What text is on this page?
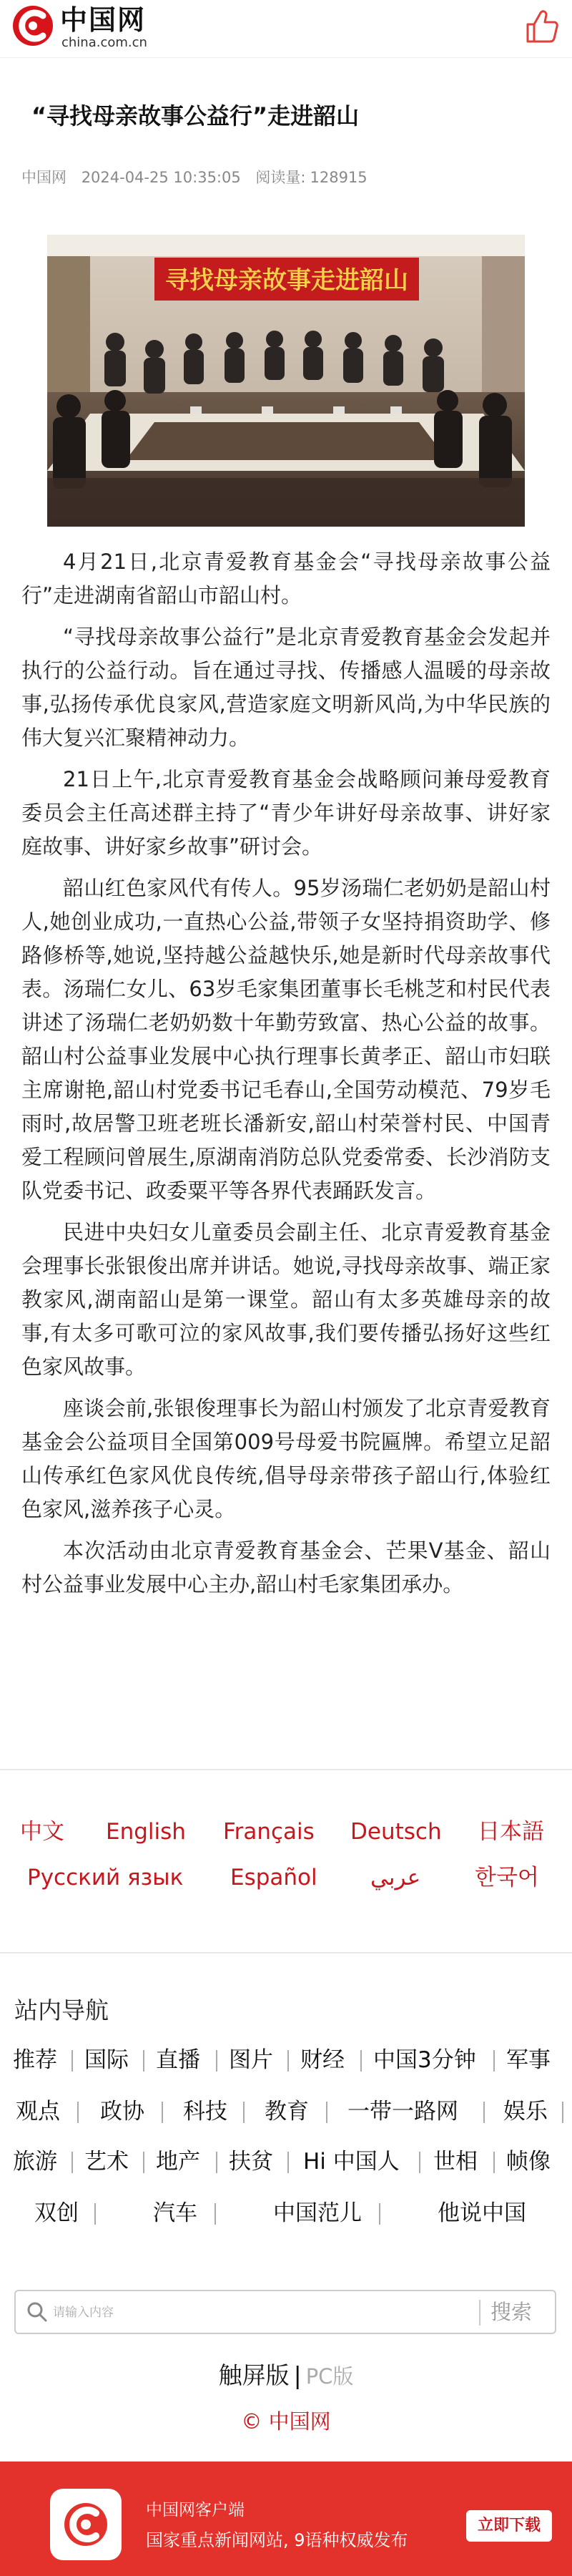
中国网
china.com.cn
“寻找母亲故事公益行”走进韶山
中国网 2024-04-25 10:35:05 阅读量: 128915
寻找母亲故事走进韶山

4月21日,北京青爱教育基金会“寻找母亲故事公益行”走进湖南省韶山市韶山村。

“寻找母亲故事公益行”是北京青爱教育基金会发起并执行的公益行动。旨在通过寻找、传播感人温暖的母亲故事,弘扬传承优良家风,营造家庭文明新风尚,为中华民族的伟大复兴汇聚精神动力。

21日上午,北京青爱教育基金会战略顾问兼母爱教育委员会主任高述群主持了“青少年讲好母亲故事、讲好家庭故事、讲好家乡故事”研讨会。

韶山红色家风代有传人。95岁汤瑞仁老奶奶是韶山村人,她创业成功,一直热心公益,带领子女坚持捐资助学、修路修桥等,她说,坚持越公益越快乐,她是新时代母亲故事代表。汤瑞仁女儿、63岁毛家集团董事长毛桃芝和村民代表讲述了汤瑞仁老奶奶数十年勤劳致富、热心公益的故事。韶山村公益事业发展中心执行理事长黄孝正、韶山市妇联主席谢艳,韶山村党委书记毛春山,全国劳动模范、79岁毛雨时,故居警卫班老班长潘新安,韶山村荣誉村民、中国青爱工程顾问曾展生,原湖南消防总队党委常委、长沙消防支队党委书记、政委粟平等各界代表踊跃发言。

民进中央妇女儿童委员会副主任、北京青爱教育基金会理事长张银俊出席并讲话。她说,寻找母亲故事、端正家教家风,湖南韶山是第一课堂。韶山有太多英雄母亲的故事,有太多可歌可泣的家风故事,我们要传播弘扬好这些红色家风故事。

座谈会前,张银俊理事长为韶山村颁发了北京青爱教育基金会公益项目全国第009号母爱书院匾牌。希望立足韶山传承红色家风优良传统,倡导母亲带孩子韶山行,体验红色家风,滋养孩子心灵。

本次活动由北京青爱教育基金会、芒果V基金、韶山村公益事业发展中心主办,韶山村毛家集团承办。

中文 English Français Deutsch 日本語
Русский язык Español عربي 한국어
站内导航
推荐 国际 直播 图片 财经 中国3分钟 军事
观点 政协 科技 教育 一带一路网 娱乐
旅游 艺术 地产 扶贫 Hi 中国人 世相 帧像
双创	汽车	中国范儿	他说中国
请输入内容
搜索
触屏版 | PC版
© 中国网
中国网客户端
国家重点新闻网站, 9语种权威发布
立即下载
